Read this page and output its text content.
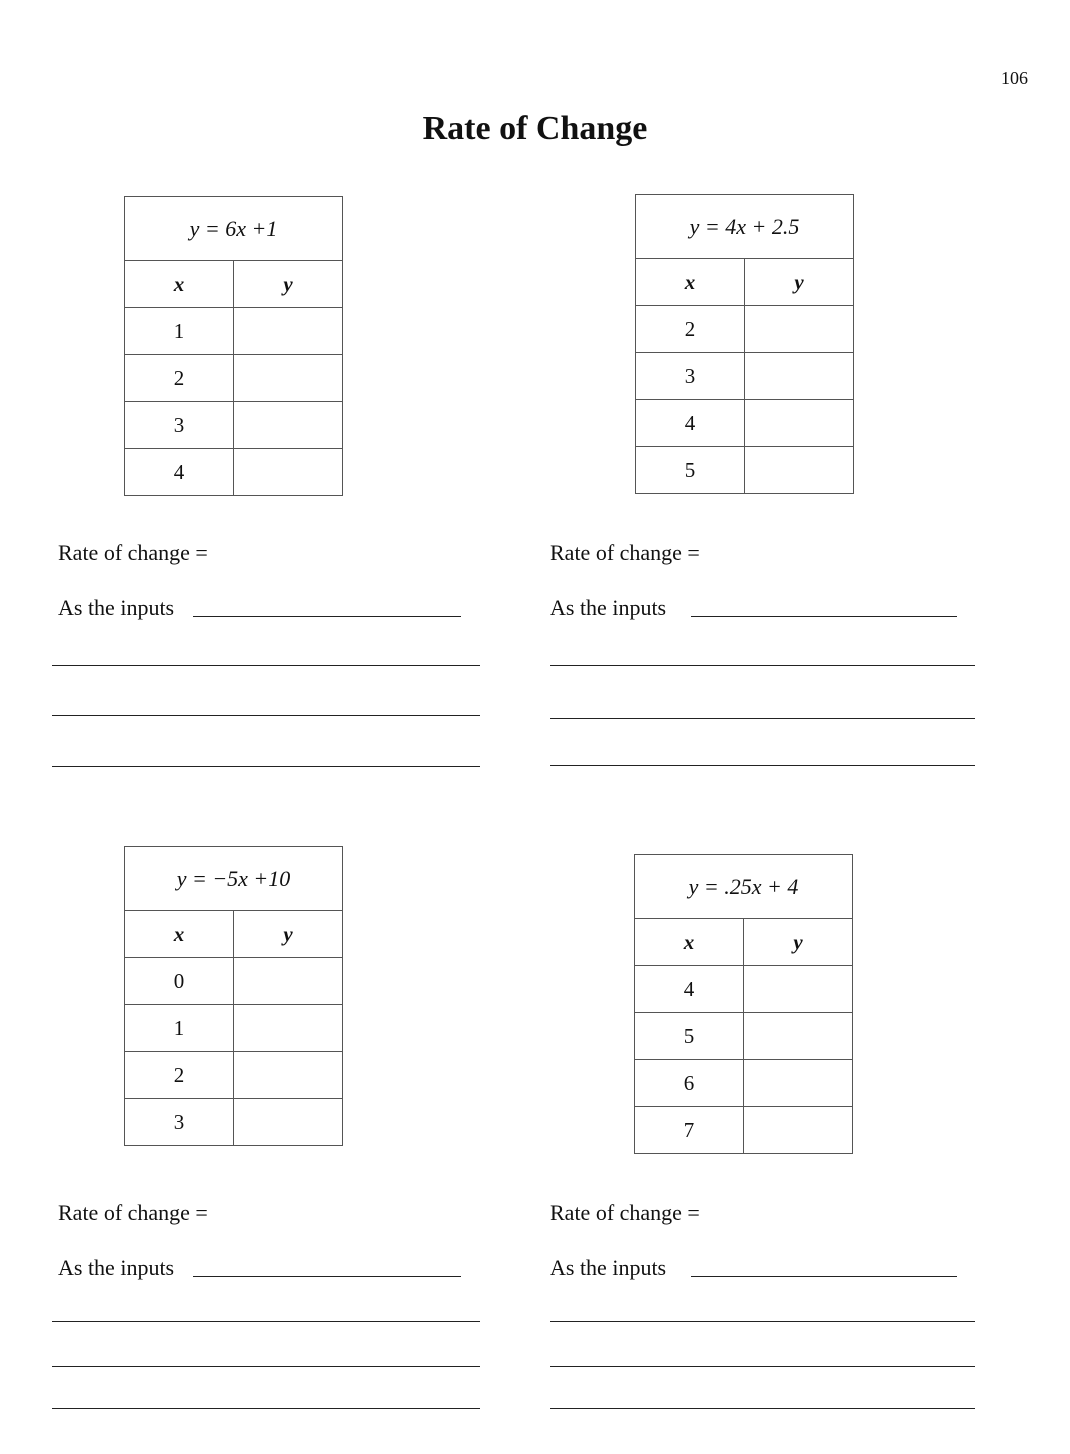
106
Rate of Change
y = 6x +1	
x	y
1	
2	
3	
4	
Rate of change =
As the inputs
y = 4x + 2.5	
x	y
2	
3	
4	
5	
Rate of change =
As the inputs
y = −5x +10	
x	y
0	
1	
2	
3	
Rate of change =
As the inputs
y = .25x + 4	
x	y
4	
5	
6	
7	
Rate of change =
As the inputs
